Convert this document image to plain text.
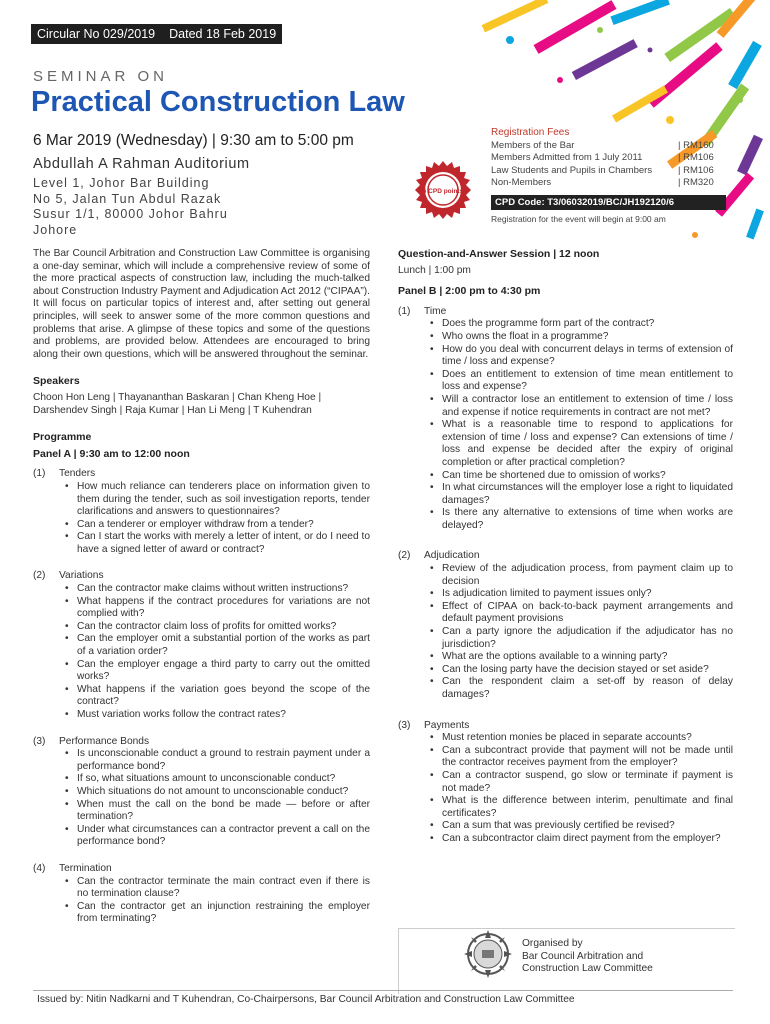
Circular No 029/2019 Dated 18 Feb 2019
SEMINAR ON
Practical Construction Law
6 Mar 2019 (Wednesday) | 9:30 am to 5:00 pm
Abdullah A Rahman Auditorium
Level 1, Johor Bar Building
No 5, Jalan Tun Abdul Razak
Susur 1/1, 80000 Johor Bahru
Johore
6 CPD points
Registration Fees
Members of the Bar	| RM160
Members Admitted from 1 July 2011	| RM106
Law Students and Pupils in Chambers	| RM106
Non-Members	| RM320
CPD Code: T3/06032019/BC/JH192120/6
Registration for the event will begin at 9:00 am
The Bar Council Arbitration and Construction Law Committee is organising a one-day seminar, which will include a comprehensive review of some of the more practical aspects of construction law, including the much-talked about Construction Industry Payment and Adjudication Act 2012 (“CIPAA”). It will focus on particular topics of interest and, after setting out general principles, will seek to answer some of the more common questions and problems that arise. A glimpse of these topics and some of the questions and problems, are provided below. Attendees are encouraged to bring along their own questions, which will be answered throughout the seminar.
Speakers
Choon Hon Leng | Thayananthan Baskaran | Chan Kheng Hoe | Darshendev Singh | Raja Kumar | Han Li Meng | T Kuhendran
Programme
Panel A | 9:30 am to 12:00 noon
(1)	Tenders
• How much reliance can tenderers place on information given to them during the tender, such as soil investigation reports, tender clarifications and answers to questionnaires?
• Can a tenderer or employer withdraw from a tender?
• Can I start the works with merely a letter of intent, or do I need to have a signed letter of award or contract?
(2)	Variations
• Can the contractor make claims without written instructions?
• What happens if the contract procedures for variations are not complied with?
• Can the contractor claim loss of profits for omitted works?
• Can the employer omit a substantial portion of the works as part of a variation order?
• Can the employer engage a third party to carry out the omitted works?
• What happens if the variation goes beyond the scope of the contract?
• Must variation works follow the contract rates?
(3)	Performance Bonds
• Is unconscionable conduct a ground to restrain payment under a performance bond?
• If so, what situations amount to unconscionable conduct?
• Which situations do not amount to unconscionable conduct?
• When must the call on the bond be made — before or after termination?
• Under what circumstances can a contractor prevent a call on the performance bond?
(4)	Termination
• Can the contractor terminate the main contract even if there is no termination clause?
• Can the contractor get an injunction restraining the employer from terminating?
Question-and-Answer Session | 12 noon
Lunch | 1:00 pm
Panel B | 2:00 pm to 4:30 pm
(1)	Time
• Does the programme form part of the contract?
• Who owns the float in a programme?
• How do you deal with concurrent delays in terms of extension of time / loss and expense?
• Does an entitlement to extension of time mean entitlement to loss and expense?
• Will a contractor lose an entitlement to extension of time / loss and expense if notice requirements in contract are not met?
• What is a reasonable time to respond to applications for extension of time / loss and expense? Can extensions of time / loss and expense be decided after the expiry of original completion or after practical completion?
• Can time be shortened due to omission of works?
• In what circumstances will the employer lose a right to liquidated damages?
• Is there any alternative to extensions of time when works are delayed?
(2)	Adjudication
• Review of the adjudication process, from payment claim up to decision
• Is adjudication limited to payment issues only?
• Effect of CIPAA on back-to-back payment arrangements and default payment provisions
• Can a party ignore the adjudication if the adjudicator has no jurisdiction?
• What are the options available to a winning party?
• Can the losing party have the decision stayed or set aside?
• Can the respondent claim a set-off by reason of delay damages?
(3)	Payments
• Must retention monies be placed in separate accounts?
• Can a subcontract provide that payment will not be made until the contractor receives payment from the employer?
• Can a contractor suspend, go slow or terminate if payment is not made?
• What is the difference between interim, penultimate and final certificates?
• Can a sum that was previously certified be revised?
• Can a subcontractor claim direct payment from the employer?
Organised by
Bar Council Arbitration and
Construction Law Committee
Issued by: Nitin Nadkarni and T Kuhendran, Co-Chairpersons, Bar Council Arbitration and Construction Law Committee
